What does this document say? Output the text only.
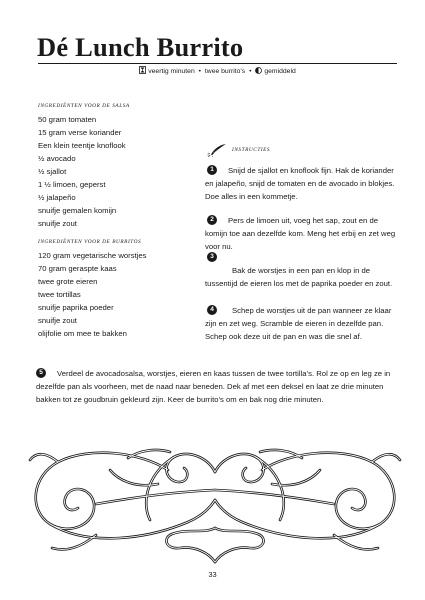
Dé Lunch Burrito
veertig minuten • twee burrito’s • gemiddeld
INGREDIËNTEN VOOR DE SALSA
50 gram tomaten
15 gram verse koriander
Een klein teentje knoflook
½ avocado
½ sjallot
1 ½ limoen, geperst
½ jalapeño
snuifje gemalen komijn
snuifje zout
INGREDIËNTEN VOOR DE BURRITOS
120 gram vegetarische worstjes
70 gram geraspte kaas
twee grote eieren
twee tortillas
snuifje paprika poeder
snuifje zout
olijfolie om mee te bakken
INSTRUCTIES
1	Snijd de sjallot en knoflook fijn. Hak de koriander en jalapeño, snijd de tomaten en de avocado in blokjes. Doe alles in een kommetje.

2	Pers de limoen uit, voeg het sap, zout en de komijn toe aan dezelfde kom. Meng het erbij en zet weg voor nu.

3

Bak de worstjes in een pan en klop in de tussentijd de eieren los met de paprika poeder en zout.

4	Schep de worstjes uit de pan wanneer ze klaar zijn en zet weg. Scramble de eieren in dezelfde pan. Schep ook deze uit de pan en was die snel af.

5	Verdeel de avocadosalsa, worstjes, eieren en kaas tussen de twee tortilla’s. Rol ze op en leg ze in dezelfde pan als voorheen, met de naad naar beneden. Dek af met een deksel en laat ze drie minuten bakken tot ze goudbruin gekleurd zijn. Keer de burrito’s om en bak nog drie minuten.

33
